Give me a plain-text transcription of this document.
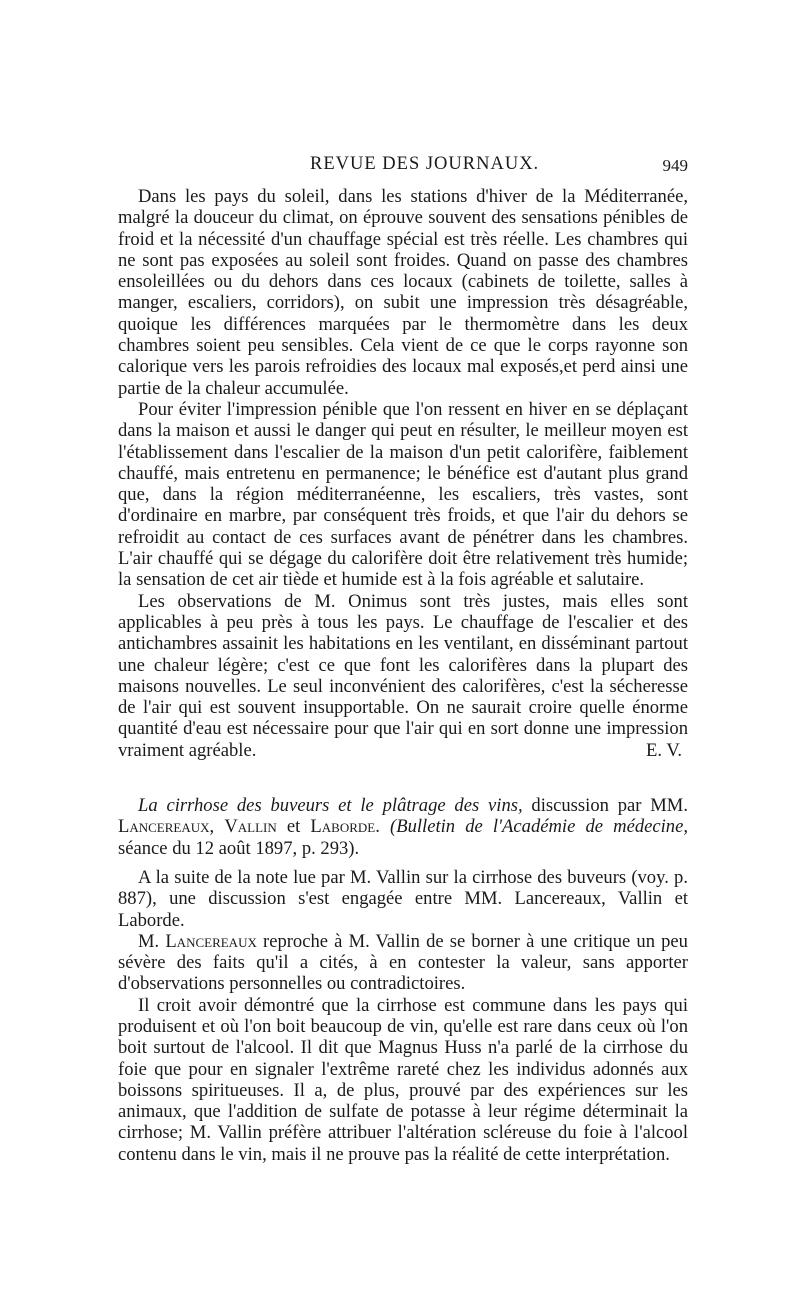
REVUE DES JOURNAUX.	949

Dans les pays du soleil, dans les stations d'hiver de la Méditerranée, malgré la douceur du climat, on éprouve souvent des sensations pénibles de froid et la nécessité d'un chauffage spécial est très réelle. Les chambres qui ne sont pas exposées au soleil sont froides. Quand on passe des chambres ensoleillées ou du dehors dans ces locaux (cabinets de toilette, salles à manger, escaliers, corridors), on subit une impression très désagréable, quoique les différences marquées par le thermomètre dans les deux chambres soient peu sensibles. Cela vient de ce que le corps rayonne son calorique vers les parois refroidies des locaux mal exposés,et perd ainsi une partie de la chaleur accumulée.

Pour éviter l'impression pénible que l'on ressent en hiver en se déplaçant dans la maison et aussi le danger qui peut en résulter, le meilleur moyen est l'établissement dans l'escalier de la maison d'un petit calorifère, faiblement chauffé, mais entretenu en permanence; le bénéfice est d'autant plus grand que, dans la région méditerranéenne, les escaliers, très vastes, sont d'ordinaire en marbre, par conséquent très froids, et que l'air du dehors se refroidit au contact de ces surfaces avant de pénétrer dans les chambres. L'air chauffé qui se dégage du calorifère doit être relativement très humide; la sensation de cet air tiède et humide est à la fois agréable et salutaire.

Les observations de M. Onimus sont très justes, mais elles sont applicables à peu près à tous les pays. Le chauffage de l'escalier et des antichambres assainit les habitations en les ventilant, en disséminant partout une chaleur légère; c'est ce que font les calorifères dans la plupart des maisons nouvelles. Le seul inconvénient des calorifères, c'est la sécheresse de l'air qui est souvent insupportable. On ne saurait croire quelle énorme quantité d'eau est nécessaire pour que l'air qui en sort donne une impression vraiment agréable.	E. V.

La cirrhose des buveurs et le plâtrage des vins, discussion par MM. Lancereaux, Vallin et Laborde. (Bulletin de l'Académie de médecine, séance du 12 août 1897, p. 293).

A la suite de la note lue par M. Vallin sur la cirrhose des buveurs (voy. p. 887), une discussion s'est engagée entre MM. Lancereaux, Vallin et Laborde.

M. Lancereaux reproche à M. Vallin de se borner à une critique un peu sévère des faits qu'il a cités, à en contester la valeur, sans apporter d'observations personnelles ou contradictoires.

Il croit avoir démontré que la cirrhose est commune dans les pays qui produisent et où l'on boit beaucoup de vin, qu'elle est rare dans ceux où l'on boit surtout de l'alcool. Il dit que Magnus Huss n'a parlé de la cirrhose du foie que pour en signaler l'extrême rareté chez les individus adonnés aux boissons spiritueuses. Il a, de plus, prouvé par des expériences sur les animaux, que l'addition de sulfate de potasse à leur régime déterminait la cirrhose; M. Vallin préfère attribuer l'altération scléreuse du foie à l'alcool contenu dans le vin, mais il ne prouve pas la réalité de cette interprétation.
